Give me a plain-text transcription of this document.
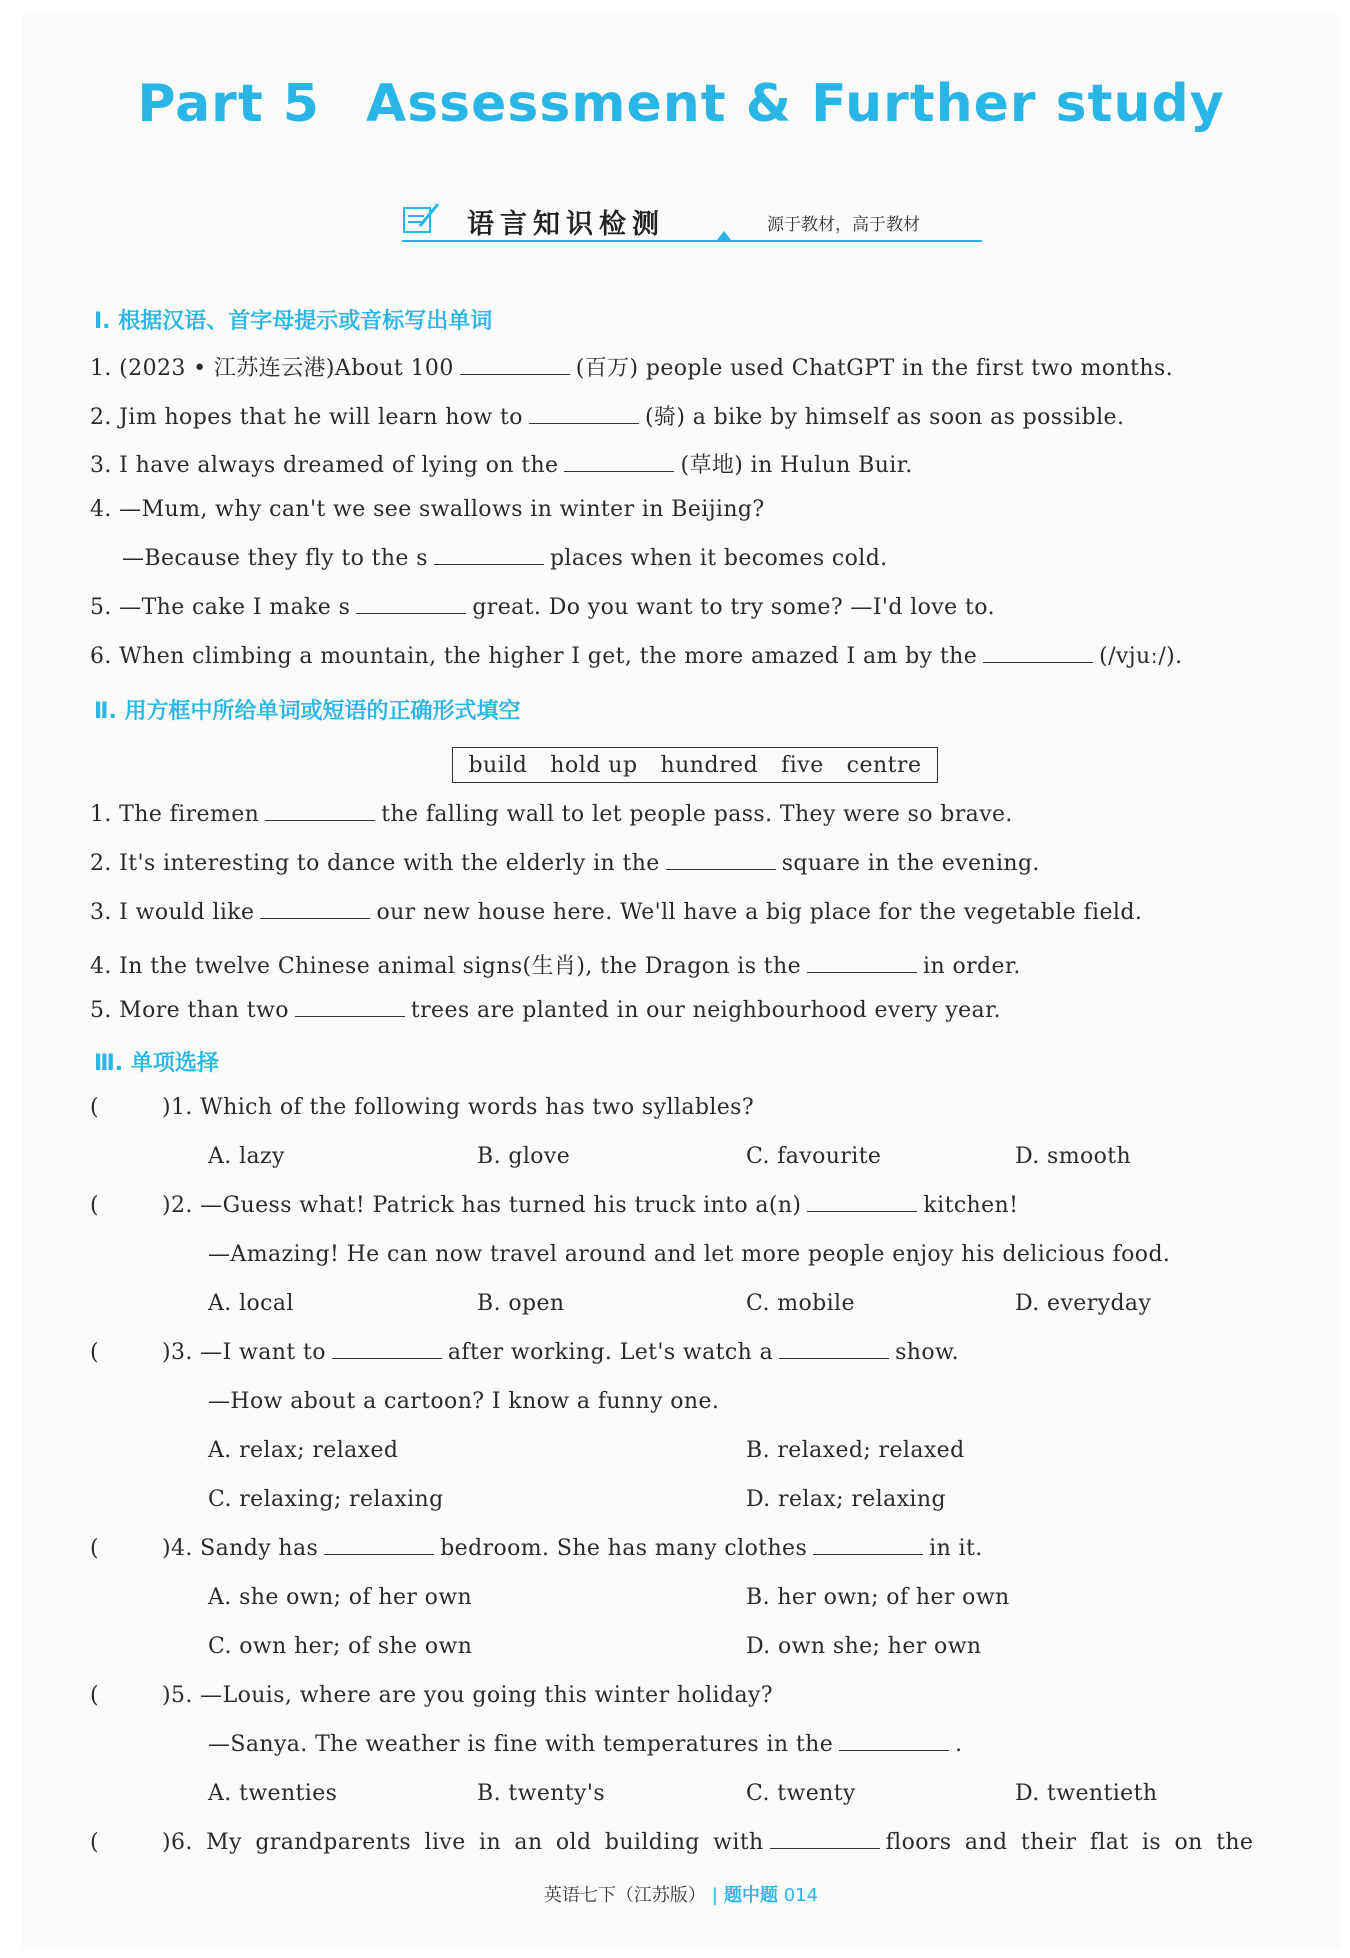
Part 5 Assessment & Further study
语言知识检测	源于教材，高于教材
Ⅰ. 根据汉语、首字母提示或音标写出单词
1. (2023 • 江苏连云港)About 100	(百万) people used ChatGPT in the first two months.
2. Jim hopes that he will learn how to	(骑) a bike by himself as soon as possible.
3. I have always dreamed of lying on the	(草地) in Hulun Buir.
4. —Mum, why can't we see swallows in winter in Beijing?
—Because they fly to the s	places when it becomes cold.
5. —The cake I make s	great. Do you want to try some? —I'd love to.
6. When climbing a mountain, the higher I get, the more amazed I am by the	(/vjuː/).
Ⅱ. 用方框中所给单词或短语的正确形式填空
build hold up hundred five centre
1. The firemen	the falling wall to let people pass. They were so brave.
2. It's interesting to dance with the elderly in the	square in the evening.
3. I would like	our new house here. We'll have a big place for the vegetable field.
4. In the twelve Chinese animal signs(生肖), the Dragon is the	in order.
5. More than two	trees are planted in our neighbourhood every year.
Ⅲ. 单项选择
(	)1. Which of the following words has two syllables?
A. lazy	B. glove	C. favourite	D. smooth
(	)2. —Guess what! Patrick has turned his truck into a(n)	kitchen!
—Amazing! He can now travel around and let more people enjoy his delicious food.
A. local	B. open	C. mobile	D. everyday
(	)3. —I want to	after working. Let's watch a	show.
—How about a cartoon? I know a funny one.
A. relax; relaxed	B. relaxed; relaxed
C. relaxing; relaxing	D. relax; relaxing
(	)4. Sandy has	bedroom. She has many clothes	in it.
A. she own; of her own	B. her own; of her own
C. own her; of she own	D. own she; her own
(	)5. —Louis, where are you going this winter holiday?
—Sanya. The weather is fine with temperatures in the	.
A. twenties	B. twenty's	C. twenty	D. twentieth
(	)6. My grandparents live in an old building with	floors and their flat is on the
英语七下（江苏版） | 题中题 014
